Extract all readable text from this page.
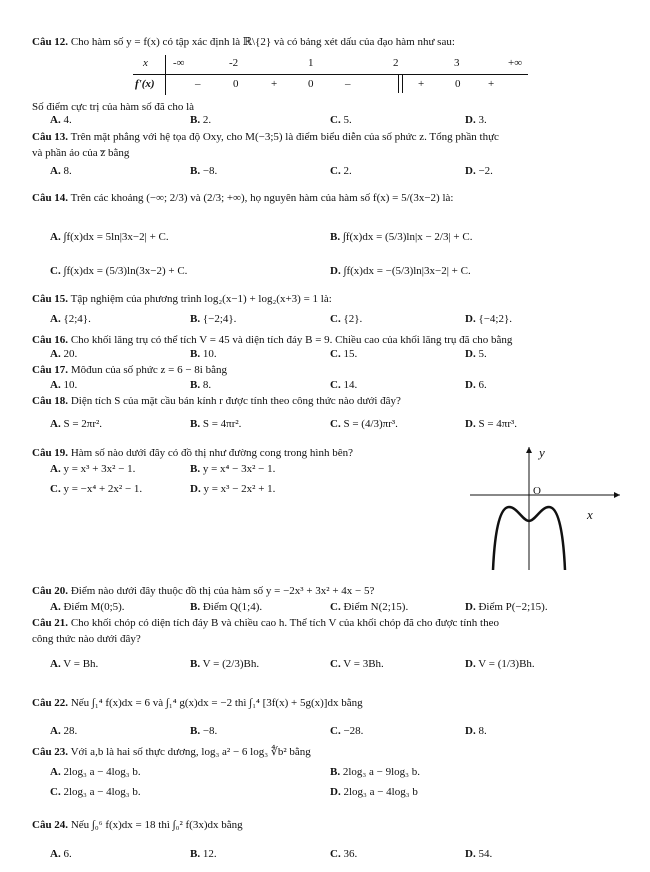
Câu 12. Cho hàm số y = f(x) có tập xác định là ℝ\{2} và có bảng xét dấu của đạo hàm như sau:
x -∞	-2	1	2	3	+∞
f'(x)	–	0	+	0	–	+	0	+
Số điểm cực trị của hàm số đã cho là
A. 4.	B. 2.	C. 5.	D. 3.
Câu 13. Trên mặt phẳng với hệ tọa độ Oxy, cho M(−3;5) là điểm biểu diễn của số phức z. Tổng phần thực
và phần ảo của z̅ bằng
A. 8.	B. −8.	C. 2.	D. −2.
Câu 14. Trên các khoảng (−∞; 2/3) và (2/3; +∞), họ nguyên hàm của hàm số f(x) = 5/(3x−2) là:
A. ∫f(x)dx = 5ln|3x−2| + C.	B. ∫f(x)dx = (5/3)ln|x − 2/3| + C.
C. ∫f(x)dx = (5/3)ln(3x−2) + C.	D. ∫f(x)dx = −(5/3)ln|3x−2| + C.
Câu 15. Tập nghiệm của phương trình log₂(x−1) + log₂(x+3) = 1 là:
A. {2;4}.	B. {−2;4}.	C. {2}.	D. {−4;2}.
Câu 16. Cho khối lăng trụ có thể tích V = 45 và diện tích đáy B = 9. Chiều cao của khối lăng trụ đã cho bằng
A. 20.	B. 10.	C. 15.	D. 5.
Câu 17. Môđun của số phức z = 6 − 8i bằng
A. 10.	B. 8.	C. 14.	D. 6.
Câu 18. Diện tích S của mặt cầu bán kính r được tính theo công thức nào dưới đây?
A. S = 2πr².	B. S = 4πr².	C. S = (4/3)πr³.	D. S = 4πr³.
Câu 19. Hàm số nào dưới đây có đồ thị như đường cong trong hình bên?
A. y = x³ + 3x² − 1.	B. y = x⁴ − 3x² − 1.
C. y = −x⁴ + 2x² − 1.	D. y = x³ − 2x² + 1.
y
O
x
Câu 20. Điểm nào dưới đây thuộc đồ thị của hàm số y = −2x³ + 3x² + 4x − 5?
A. Điểm M(0;5).	B. Điểm Q(1;4).	C. Điểm N(2;15).	D. Điểm P(−2;15).
Câu 21. Cho khối chóp có diện tích đáy B và chiều cao h. Thể tích V của khối chóp đã cho được tính theo
công thức nào dưới đây?
A. V = Bh.	B. V = (2/3)Bh.	C. V = 3Bh.	D. V = (1/3)Bh.
Câu 22. Nếu ∫₁⁴ f(x)dx = 6 và ∫₁⁴ g(x)dx = −2 thì ∫₁⁴ [3f(x) + 5g(x)]dx bằng
A. 28.	B. −8.	C. −28.	D. 8.
Câu 23. Với a,b là hai số thực dương, log₃ a² − 6 log₃ ∜b² bằng
A. 2log₃ a − 4log₃ b.	B. 2log₃ a − 9log₃ b.
C. 2log₃ a − 4log₃ b.	D. 2log₃ a − 4log₃ b
Câu 24. Nếu ∫₀⁶ f(x)dx = 18 thì ∫₀² f(3x)dx bằng
A. 6.	B. 12.	C. 36.	D. 54.
